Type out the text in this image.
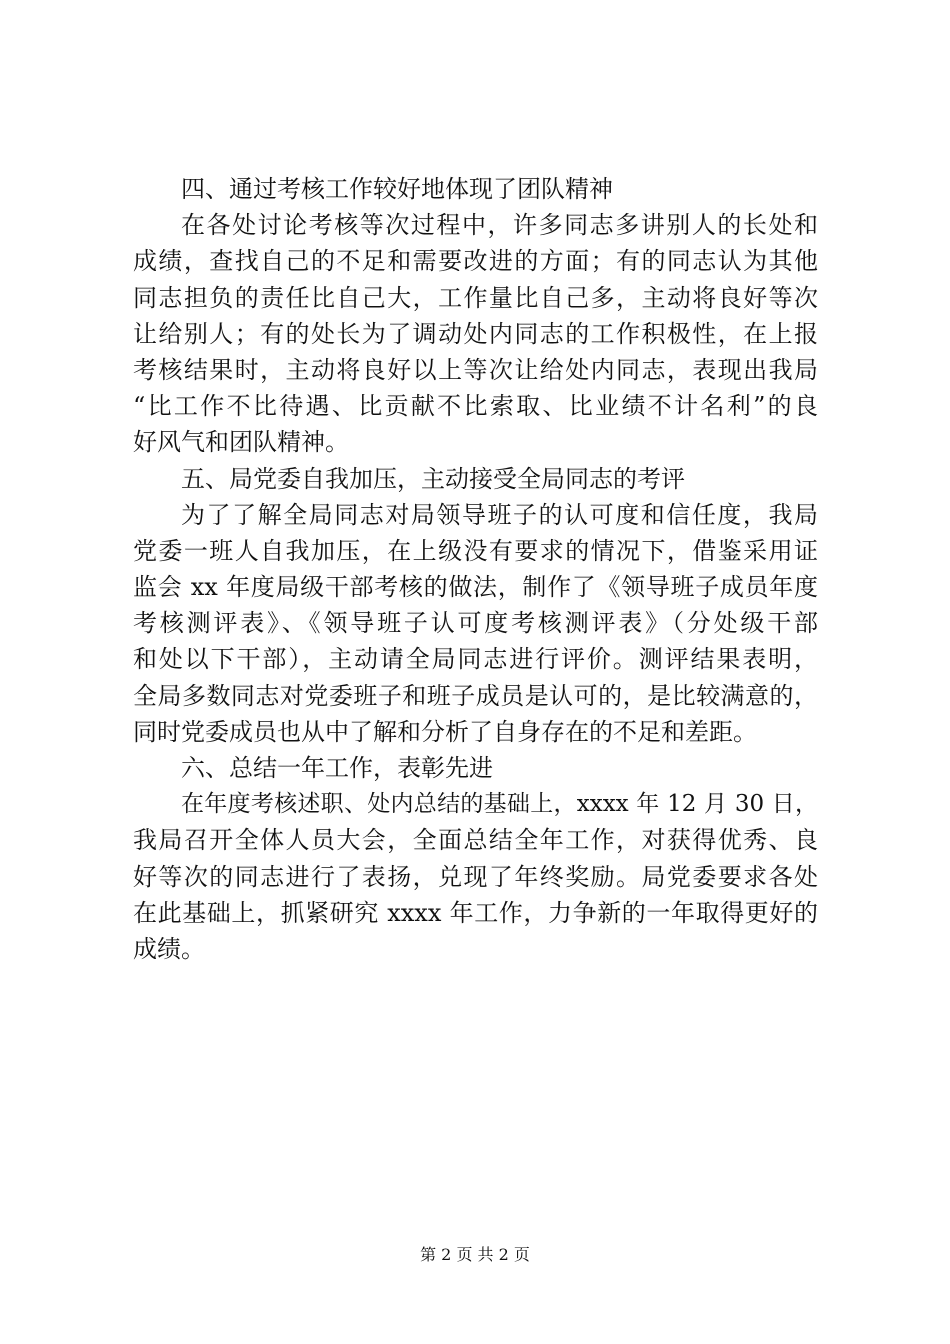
四、通过考核工作较好地体现了团队精神
在各处讨论考核等次过程中，许多同志多讲别人的长处和
成绩，查找自己的不足和需要改进的方面；有的同志认为其他
同志担负的责任比自己大，工作量比自己多，主动将良好等次
让给别人；有的处长为了调动处内同志的工作积极性，在上报
考核结果时，主动将良好以上等次让给处内同志，表现出我局
“比工作不比待遇、比贡献不比索取、比业绩不计名利”的良
好风气和团队精神。
五、局党委自我加压，主动接受全局同志的考评
为了了解全局同志对局领导班子的认可度和信任度，我局
党委一班人自我加压，在上级没有要求的情况下，借鉴采用证
监会 xx 年度局级干部考核的做法，制作了《领导班子成员年度
考核测评表》、《领导班子认可度考核测评表》（分处级干部
和处以下干部），主动请全局同志进行评价。测评结果表明，
全局多数同志对党委班子和班子成员是认可的，是比较满意的，
同时党委成员也从中了解和分析了自身存在的不足和差距。
六、总结一年工作，表彰先进
在年度考核述职、处内总结的基础上，xxxx 年 12 月 30 日，
我局召开全体人员大会，全面总结全年工作，对获得优秀、良
好等次的同志进行了表扬，兑现了年终奖励。局党委要求各处
在此基础上，抓紧研究 xxxx 年工作，力争新的一年取得更好的
成绩。
第 2 页 共 2 页
